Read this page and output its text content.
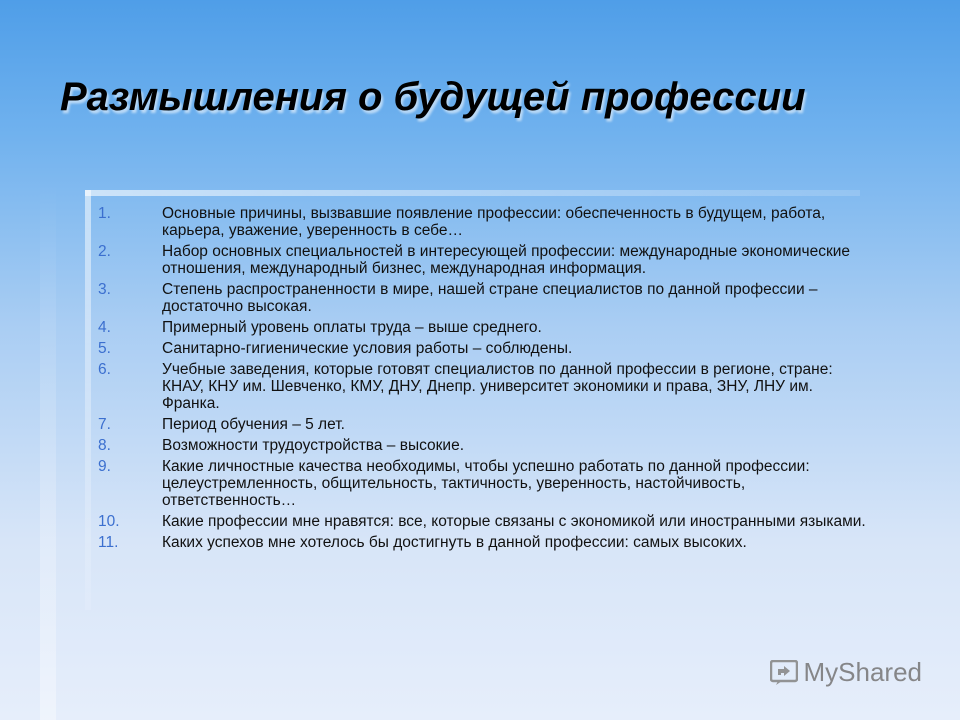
Размышления о будущей профессии
1.	Основные причины, вызвавшие появление профессии: обеспеченность в будущем, работа, карьера, уважение, уверенность в себе…
2.	Набор основных специальностей в интересующей профессии: международные экономические отношения, международный бизнес, международная информация.
3.	Степень распространенности в мире, нашей стране специалистов по данной профессии – достаточно высокая.
4.	Примерный уровень оплаты труда – выше среднего.
5.	Санитарно-гигиенические условия работы – соблюдены.
6.	Учебные заведения, которые готовят специалистов по данной профессии в регионе, стране: КНАУ, КНУ им. Шевченко, КМУ, ДНУ, Днепр. университет экономики и права, ЗНУ, ЛНУ им. Франка.
7.	Период обучения – 5 лет.
8.	Возможности трудоустройства – высокие.
9.	Какие личностные качества необходимы, чтобы успешно работать по данной профессии: целеустремленность, общительность, тактичность, уверенность, настойчивость, ответственность…
10.	Какие профессии мне нравятся: все, которые связаны с экономикой или иностранными языками.
11.	Каких успехов мне хотелось бы достигнуть в данной профессии: самых высоких.
MyShared
